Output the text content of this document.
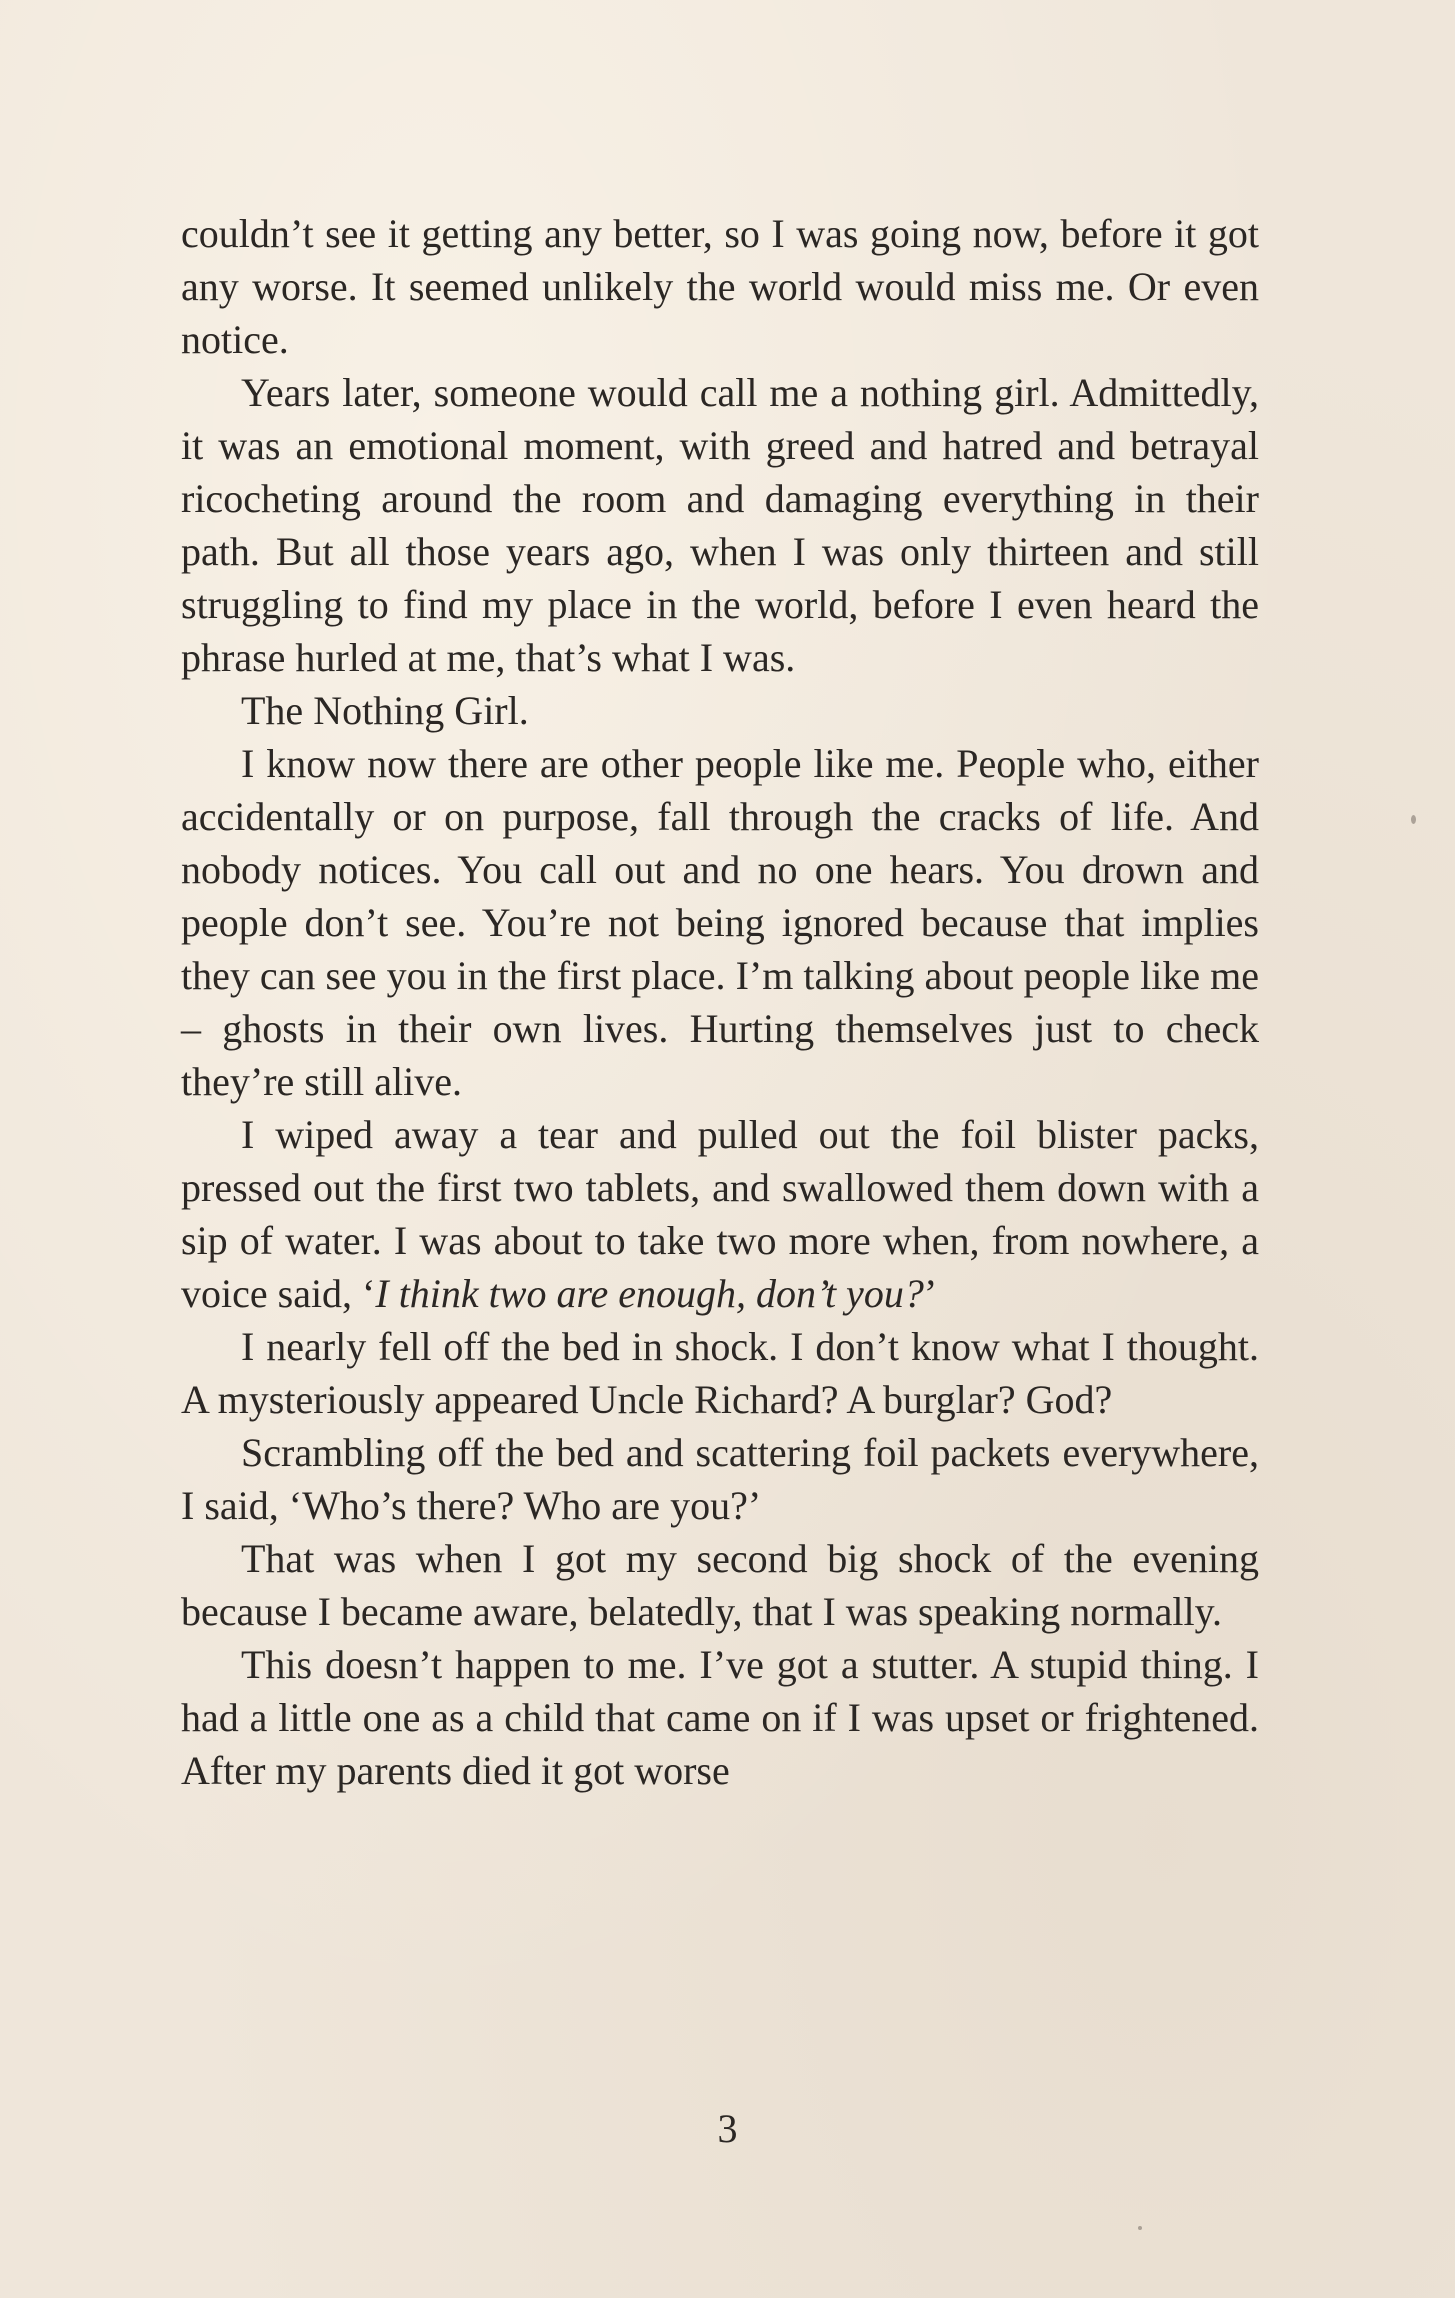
couldn’t see it getting any better, so I was going now, before it got any worse. It seemed unlikely the world would miss me. Or even notice.

Years later, someone would call me a nothing girl. Admittedly, it was an emotional moment, with greed and hatred and betrayal ricocheting around the room and damaging everything in their path. But all those years ago, when I was only thirteen and still struggling to find my place in the world, before I even heard the phrase hurled at me, that’s what I was.

The Nothing Girl.

I know now there are other people like me. People who, either accidentally or on purpose, fall through the cracks of life. And nobody notices. You call out and no one hears. You drown and people don’t see. You’re not being ignored because that implies they can see you in the first place. I’m talking about people like me – ghosts in their own lives. Hurting themselves just to check they’re still alive.

I wiped away a tear and pulled out the foil blister packs, pressed out the first two tablets, and swallowed them down with a sip of water. I was about to take two more when, from nowhere, a voice said, ‘I think two are enough, don’t you?’

I nearly fell off the bed in shock. I don’t know what I thought. A mysteriously appeared Uncle Richard? A burglar? God?

Scrambling off the bed and scattering foil packets everywhere, I said, ‘Who’s there? Who are you?’

That was when I got my second big shock of the evening because I became aware, belatedly, that I was speaking normally.

This doesn’t happen to me. I’ve got a stutter. A stupid thing. I had a little one as a child that came on if I was upset or frightened. After my parents died it got worse

3
